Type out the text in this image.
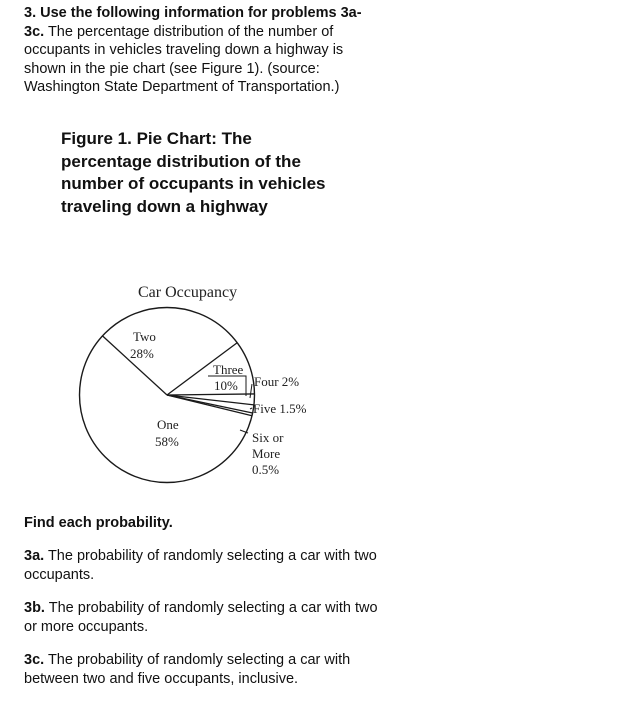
3. Use the following information for problems 3a-3c. The percentage distribution of the number of occupants in vehicles traveling down a highway is shown in the pie chart (see Figure 1). (source: Washington State Department of Transportation.)
Figure 1. Pie Chart: The percentage distribution of the number of occupants in vehicles traveling down a highway
Car Occupancy
Two
28%
One
58%
Three
10% Four 2%
Five 1.5%
Six or
More
0.5%
Find each probability.
3a. The probability of randomly selecting a car with two occupants.
3b. The probability of randomly selecting a car with two or more occupants.
3c. The probability of randomly selecting a car with between two and five occupants, inclusive.
